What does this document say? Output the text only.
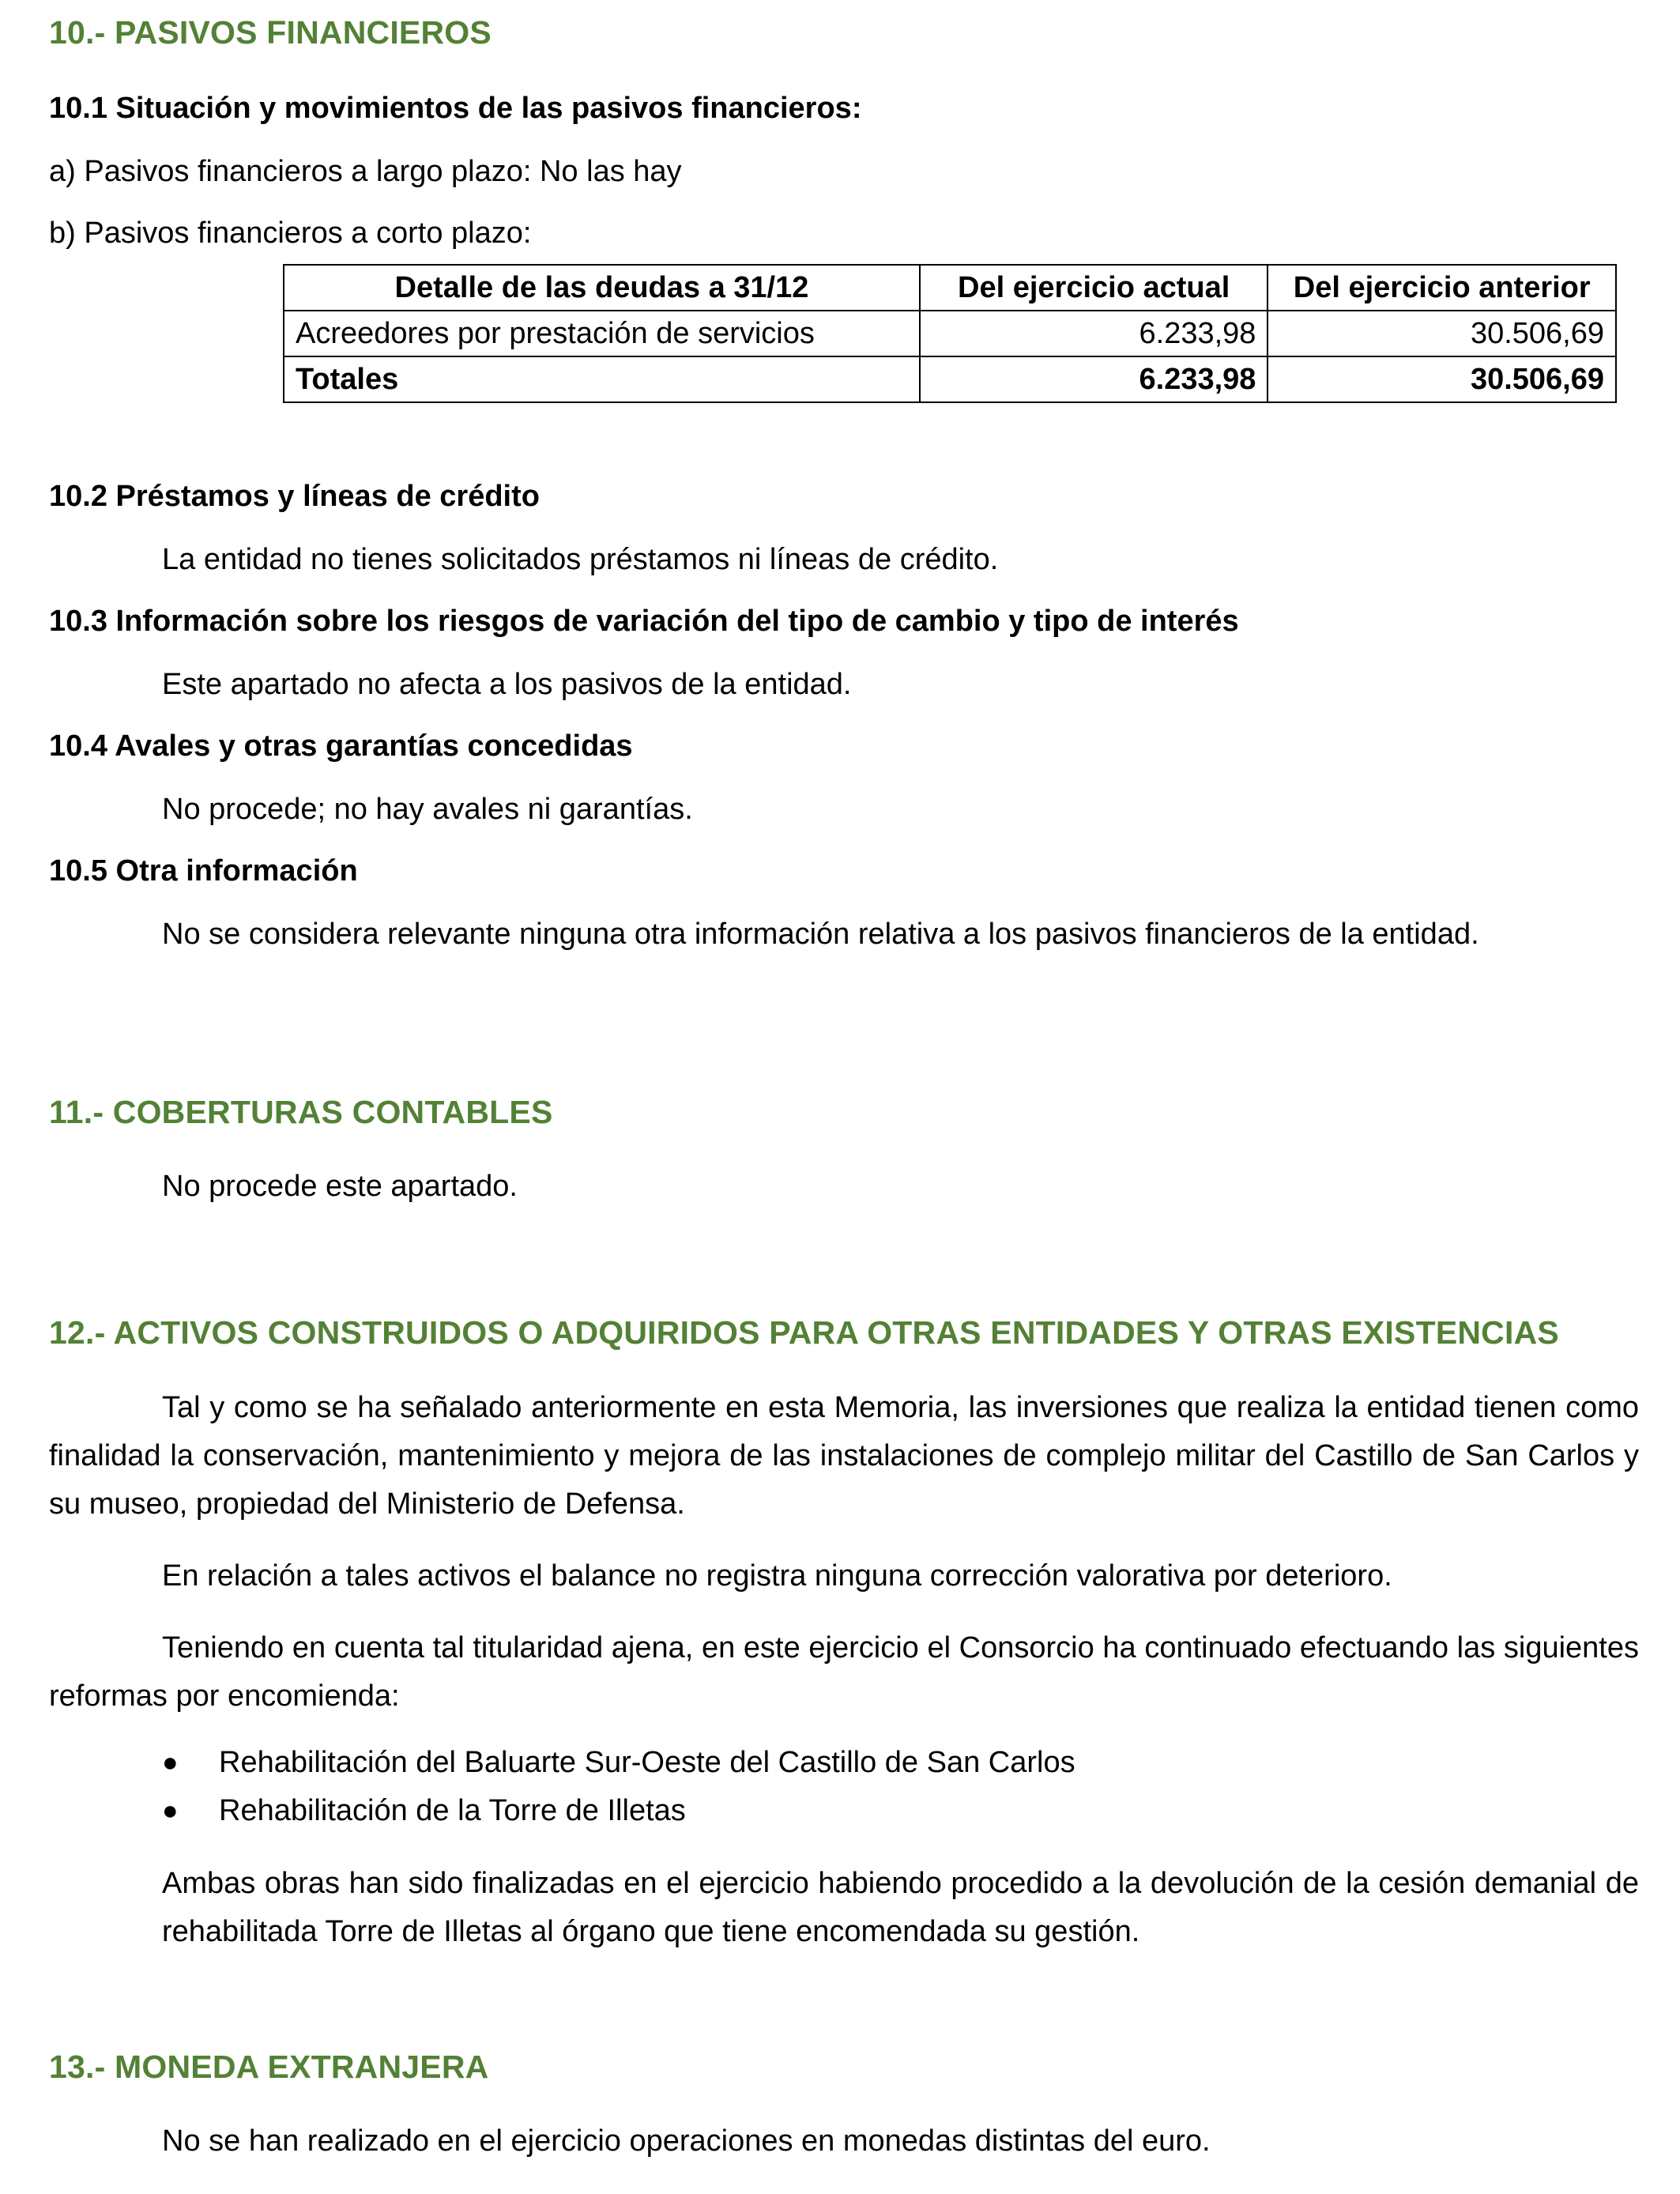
10.- PASIVOS FINANCIEROS
10.1 Situación y movimientos de las pasivos financieros:

a) Pasivos financieros a largo plazo: No las hay

b) Pasivos financieros a corto plazo:

Detalle de las deudas a 31/12	Del ejercicio actual	Del ejercicio anterior
Acreedores por prestación de servicios	6.233,98	30.506,69
Totales	6.233,98	30.506,69
10.2 Préstamos y líneas de crédito

La entidad no tienes solicitados préstamos ni líneas de crédito.

10.3 Información sobre los riesgos de variación del tipo de cambio y tipo de interés

Este apartado no afecta a los pasivos de la entidad.

10.4 Avales y otras garantías concedidas

No procede; no hay avales ni garantías.

10.5 Otra información

No se considera relevante ninguna otra información relativa a los pasivos financieros de la entidad.

11.- COBERTURAS CONTABLES

No procede este apartado.

12.- ACTIVOS CONSTRUIDOS O ADQUIRIDOS PARA OTRAS ENTIDADES Y OTRAS EXISTENCIAS

Tal y como se ha señalado anteriormente en esta Memoria, las inversiones que realiza la entidad tienen como finalidad la conservación, mantenimiento y mejora de las instalaciones de complejo militar del Castillo de San Carlos y su museo, propiedad del Ministerio de Defensa.

En relación a tales activos el balance no registra ninguna corrección valorativa por deterioro.

Teniendo en cuenta tal titularidad ajena, en este ejercicio el Consorcio ha continuado efectuando las siguientes reformas por encomienda:

● Rehabilitación del Baluarte Sur-Oeste del Castillo de San Carlos
● Rehabilitación de la Torre de Illetas

Ambas obras han sido finalizadas en el ejercicio habiendo procedido a la devolución de la cesión demanial de rehabilitada Torre de Illetas al órgano que tiene encomendada su gestión.

13.- MONEDA EXTRANJERA

No se han realizado en el ejercicio operaciones en monedas distintas del euro.
